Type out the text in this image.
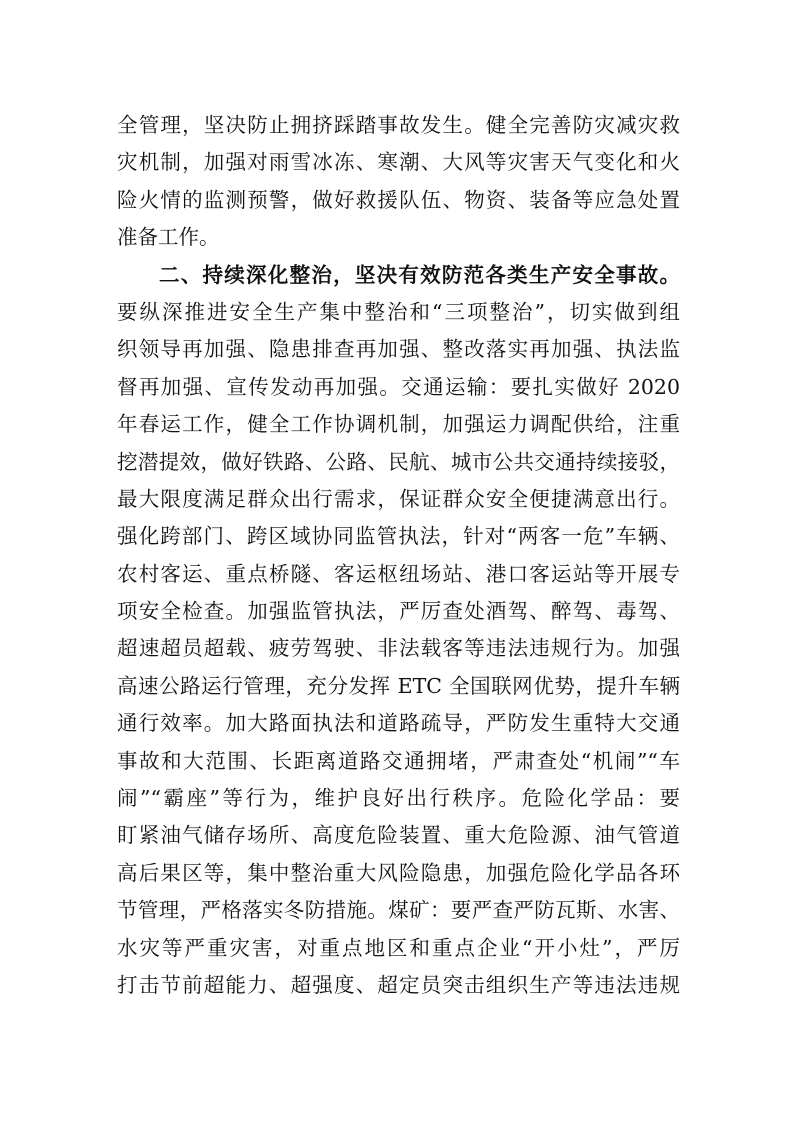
全管理，坚决防止拥挤踩踏事故发生。健全完善防灾减灾救
灾机制，加强对雨雪冰冻、寒潮、大风等灾害天气变化和火
险火情的监测预警，做好救援队伍、物资、装备等应急处置
准备工作。
二、持续深化整治，坚决有效防范各类生产安全事故。
要纵深推进安全生产集中整治和“三项整治”，切实做到组
织领导再加强、隐患排查再加强、整改落实再加强、执法监
督再加强、宣传发动再加强。交通运输：要扎实做好 2020
年春运工作，健全工作协调机制，加强运力调配供给，注重
挖潜提效，做好铁路、公路、民航、城市公共交通持续接驳，
最大限度满足群众出行需求，保证群众安全便捷满意出行。
强化跨部门、跨区域协同监管执法，针对“两客一危”车辆、
农村客运、重点桥隧、客运枢纽场站、港口客运站等开展专
项安全检查。加强监管执法，严厉查处酒驾、醉驾、毒驾、
超速超员超载、疲劳驾驶、非法载客等违法违规行为。加强
高速公路运行管理，充分发挥 ETC 全国联网优势，提升车辆
通行效率。加大路面执法和道路疏导，严防发生重特大交通
事故和大范围、长距离道路交通拥堵，严肃查处“机闹”“车
闹”“霸座”等行为，维护良好出行秩序。危险化学品：要
盯紧油气储存场所、高度危险装置、重大危险源、油气管道
高后果区等，集中整治重大风险隐患，加强危险化学品各环
节管理，严格落实冬防措施。煤矿：要严查严防瓦斯、水害、
水灾等严重灾害，对重点地区和重点企业“开小灶”，严厉
打击节前超能力、超强度、超定员突击组织生产等违法违规
